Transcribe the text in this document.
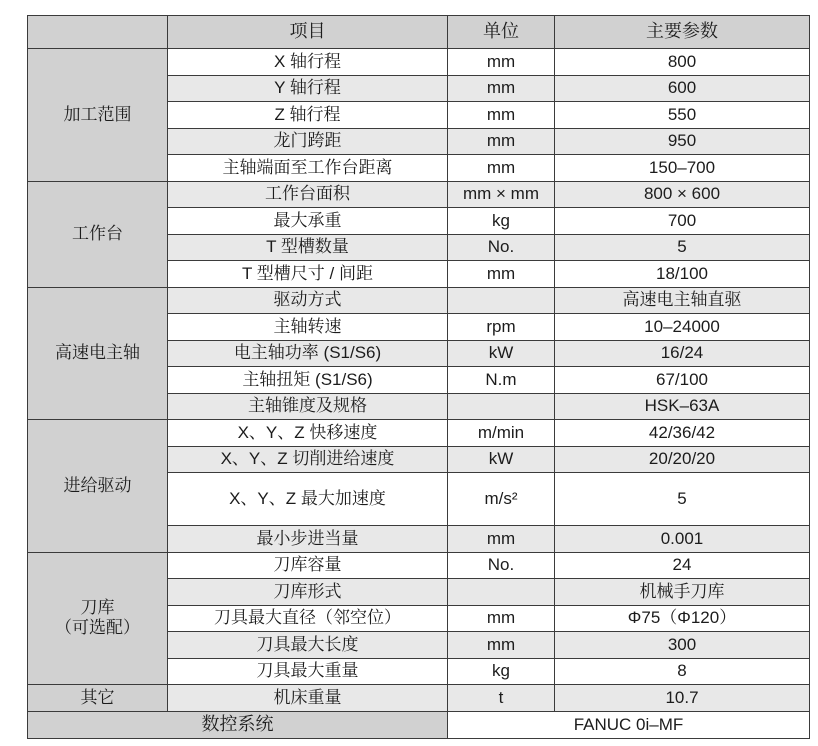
	项目	单位	主要参数
加工范围	X 轴行程	mm	800
	Y 轴行程	mm	600
	Z 轴行程	mm	550
	龙门跨距	mm	950
	主轴端面至工作台距离	mm	150–700
工作台	工作台面积	mm × mm	800 × 600
	最大承重	kg	700
	T 型槽数量	No.	5
	T 型槽尺寸 / 间距	mm	18/100
高速电主轴	驱动方式		高速电主轴直驱
	主轴转速	rpm	10–24000
	电主轴功率 (S1/S6)	kW	16/24
	主轴扭矩 (S1/S6)	N.m	67/100
	主轴锥度及规格		HSK–63A
进给驱动	X、Y、Z 快移速度	m/min	42/36/42
	X、Y、Z 切削进给速度	kW	20/20/20
	X、Y、Z 最大加速度	m/s²	5
	最小步进当量	mm	0.001

刀库
（可选配）	刀库容量	No.	24
	刀库形式		机械手刀库
	刀具最大直径（邻空位）	mm	Φ75（Φ120）
	刀具最大长度	mm	300
	刀具最大重量	kg	8
其它	机床重量	t	10.7
数控系统		FANUC 0i–MF	
